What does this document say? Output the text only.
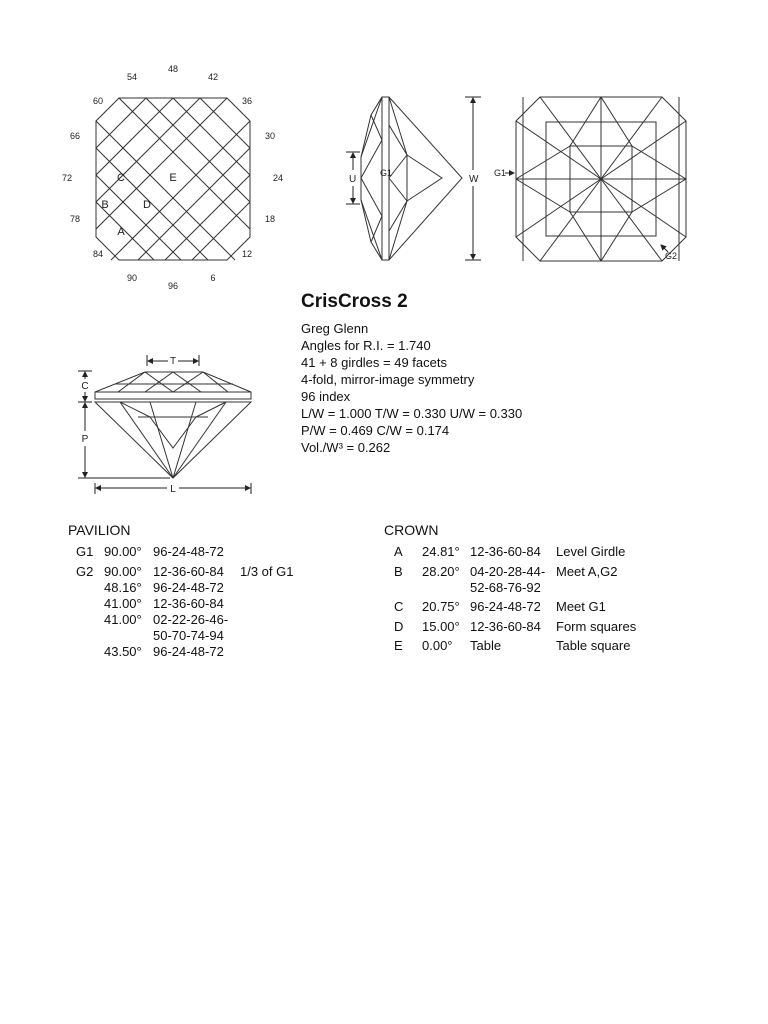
48
42
36
30
24
18
12
6
96
90
84
78
72
66
60
54
C	E
B	D
A
U
G1
W
G1
G2
T
C
P
L
CrisCross 2
Greg Glenn
Angles for R.I. = 1.740
41 + 8 girdles = 49 facets
4-fold, mirror-image symmetry
96 index
L/W = 1.000 T/W = 0.330 U/W = 0.330
P/W = 0.469 C/W = 0.174
Vol./W³ = 0.262
PAVILION
G1 90.00° 96-24-48-72
G2 90.00° 12-36-60-84 1/3 of G1
48.16° 96-24-48-72
41.00° 12-36-60-84
41.00° 02-22-26-46-
50-70-74-94
43.50° 96-24-48-72
CROWN
A 24.81° 12-36-60-84 Level Girdle
B 28.20° 04-20-28-44- Meet A,G2
52-68-76-92
C 20.75° 96-24-48-72 Meet G1
D 15.00° 12-36-60-84 Form squares
E 0.00° Table	Table square
